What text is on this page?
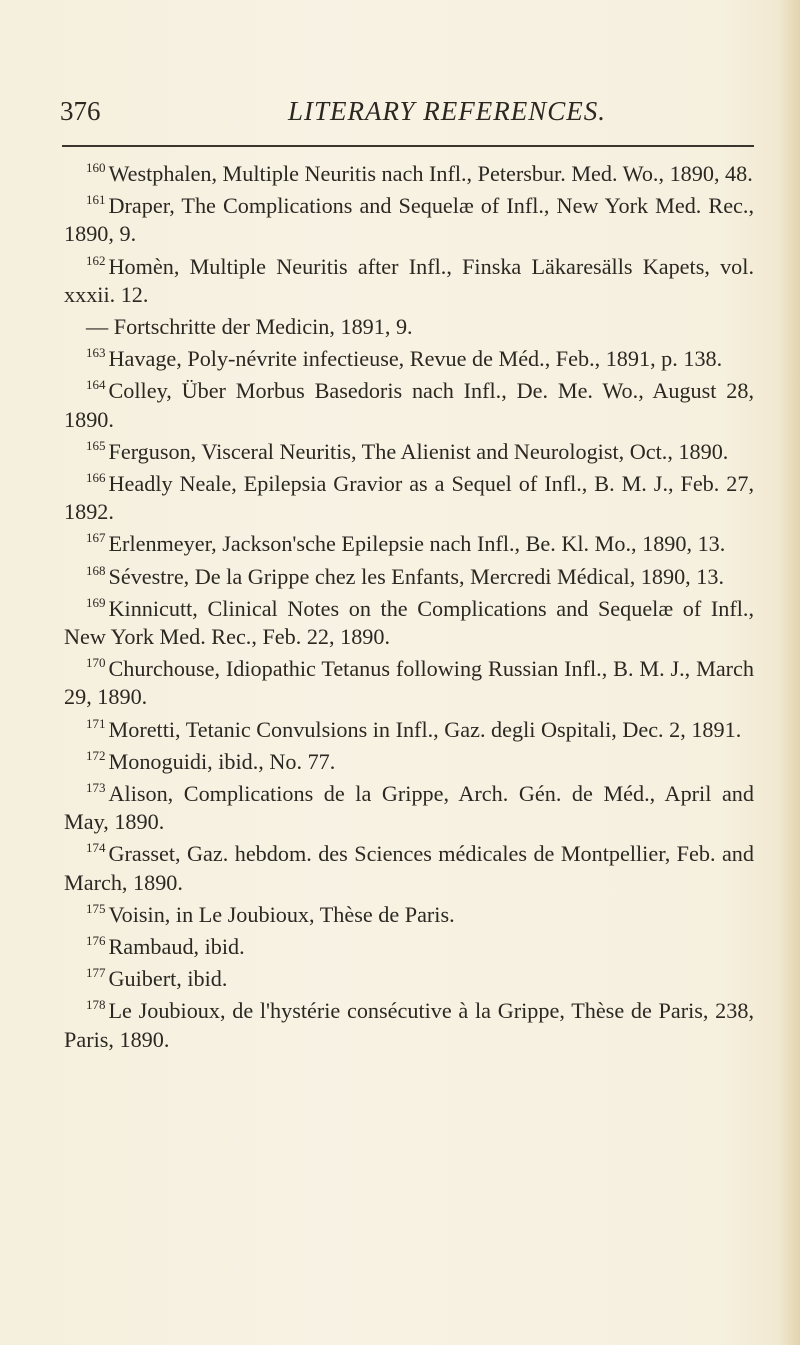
376	LITERARY REFERENCES.

$^{160}$ Westphalen, Multiple Neuritis nach Infl., Petersbur. Med. Wo., 1890, 48.

$^{161}$ Draper, The Complications and Sequelæ of Infl., New York Med. Rec., 1890, 9.

$^{162}$ Homèn, Multiple Neuritis after Infl., Finska Läkaresälls Kapets, vol. xxxii. 12.

— Fortschritte der Medicin, 1891, 9.

$^{163}$ Havage, Poly-névrite infectieuse, Revue de Méd., Feb., 1891, p. 138.

$^{164}$ Colley, Über Morbus Basedoris nach Infl., De. Me. Wo., August 28, 1890.

$^{165}$ Ferguson, Visceral Neuritis, The Alienist and Neurologist, Oct., 1890.

$^{166}$ Headly Neale, Epilepsia Gravior as a Sequel of Infl., B. M. J., Feb. 27, 1892.

$^{167}$ Erlenmeyer, Jackson'sche Epilepsie nach Infl., Be. Kl. Mo., 1890, 13.

$^{168}$ Sévestre, De la Grippe chez les Enfants, Mercredi Médical, 1890, 13.

$^{169}$ Kinnicutt, Clinical Notes on the Complications and Sequelæ of Infl., New York Med. Rec., Feb. 22, 1890.

$^{170}$ Churchouse, Idiopathic Tetanus following Russian Infl., B. M. J., March 29, 1890.

$^{171}$ Moretti, Tetanic Convulsions in Infl., Gaz. degli Ospitali, Dec. 2, 1891.

$^{172}$ Monoguidi, ibid., No. 77.

$^{173}$ Alison, Complications de la Grippe, Arch. Gén. de Méd., April and May, 1890.

$^{174}$ Grasset, Gaz. hebdom. des Sciences médicales de Montpellier, Feb. and March, 1890.

$^{175}$ Voisin, in Le Joubioux, Thèse de Paris.

$^{176}$ Rambaud, ibid.

$^{177}$ Guibert, ibid.

$^{178}$ Le Joubioux, de l'hystérie consécutive à la Grippe, Thèse de Paris, 238, Paris, 1890.
